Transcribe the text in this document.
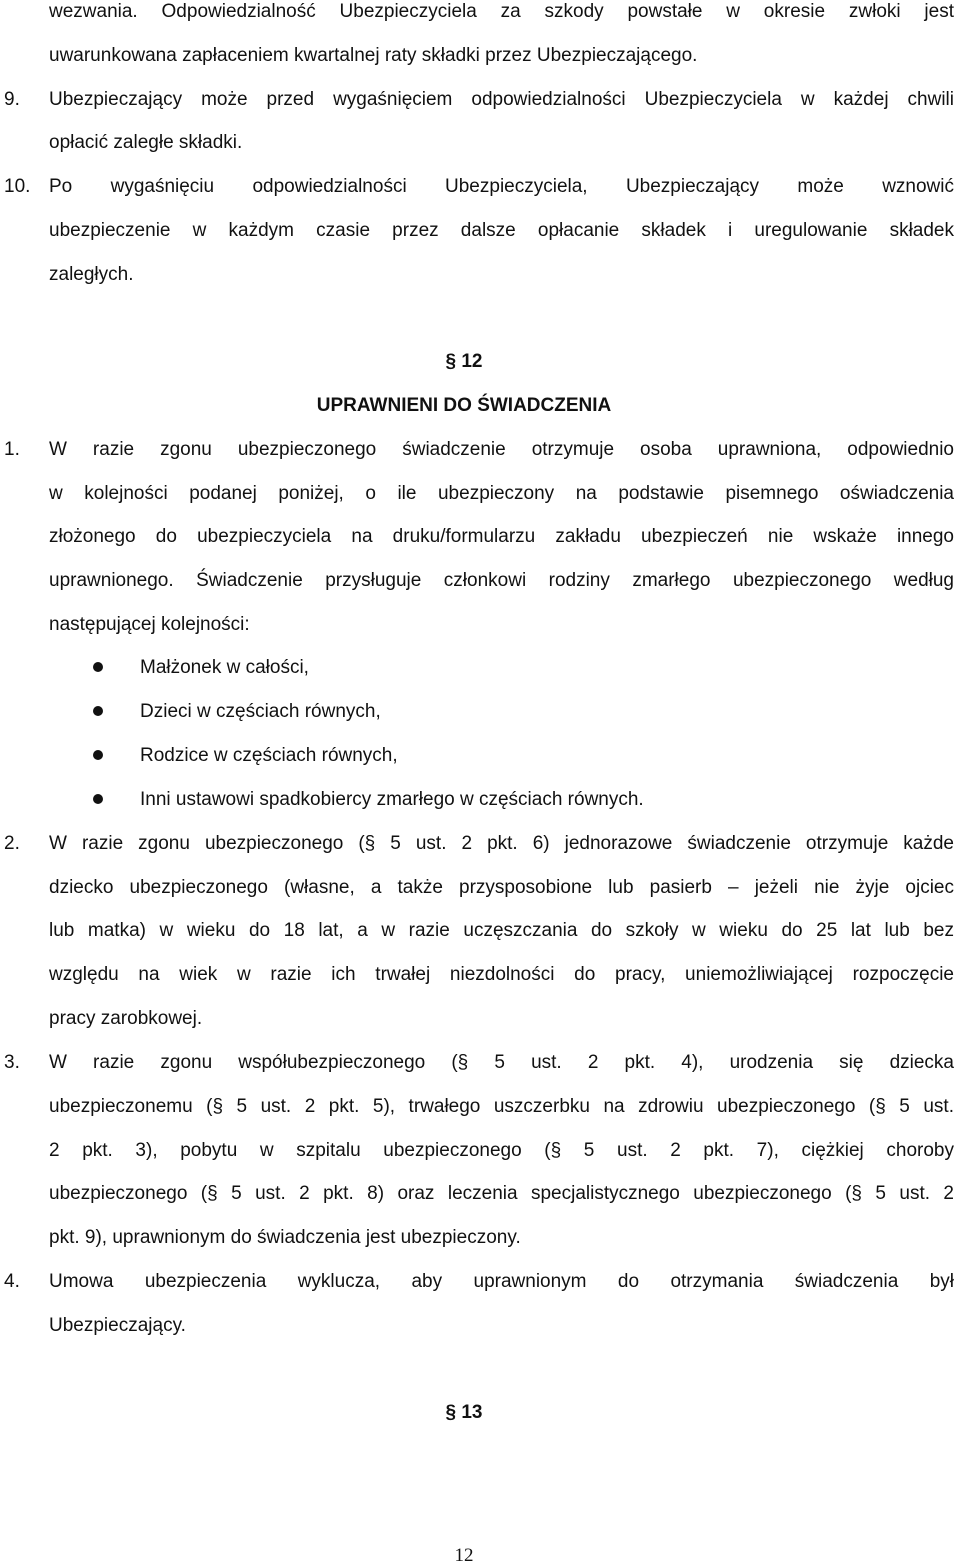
wezwania. Odpowiedzialność Ubezpieczyciela za szkody powstałe w okresie zwłoki jest
uwarunkowana zapłaceniem kwartalnej raty składki przez Ubezpieczającego.
9. Ubezpieczający może przed wygaśnięciem odpowiedzialności Ubezpieczyciela w każdej chwili
opłacić zaległe składki.
10. Po wygaśnięciu odpowiedzialności Ubezpieczyciela, Ubezpieczający może wznowić
ubezpieczenie w każdym czasie przez dalsze opłacanie składek i uregulowanie składek
zaległych.
§ 12
UPRAWNIENI DO ŚWIADCZENIA
1. W razie zgonu ubezpieczonego świadczenie otrzymuje osoba uprawniona, odpowiednio
w kolejności podanej poniżej, o ile ubezpieczony na podstawie pisemnego oświadczenia
złożonego do ubezpieczyciela na druku/formularzu zakładu ubezpieczeń nie wskaże innego
uprawnionego. Świadczenie przysługuje członkowi rodziny zmarłego ubezpieczonego według
następującej kolejności:
Małżonek w całości,
Dzieci w częściach równych,
Rodzice w częściach równych,
Inni ustawowi spadkobiercy zmarłego w częściach równych.
2. W razie zgonu ubezpieczonego (§ 5 ust. 2 pkt. 6) jednorazowe świadczenie otrzymuje każde
dziecko ubezpieczonego (własne, a także przysposobione lub pasierb – jeżeli nie żyje ojciec
lub matka) w wieku do 18 lat, a w razie uczęszczania do szkoły w wieku do 25 lat lub bez
względu na wiek w razie ich trwałej niezdolności do pracy, uniemożliwiającej rozpoczęcie
pracy zarobkowej.
3. W razie zgonu współubezpieczonego (§ 5 ust. 2 pkt. 4), urodzenia się dziecka
ubezpieczonemu (§ 5 ust. 2 pkt. 5), trwałego uszczerbku na zdrowiu ubezpieczonego (§ 5 ust.
2 pkt. 3), pobytu w szpitalu ubezpieczonego (§ 5 ust. 2 pkt. 7), ciężkiej choroby
ubezpieczonego (§ 5 ust. 2 pkt. 8) oraz leczenia specjalistycznego ubezpieczonego (§ 5 ust. 2
pkt. 9), uprawnionym do świadczenia jest ubezpieczony.
4. Umowa ubezpieczenia wyklucza, aby uprawnionym do otrzymania świadczenia był
Ubezpieczający.
§ 13
12
